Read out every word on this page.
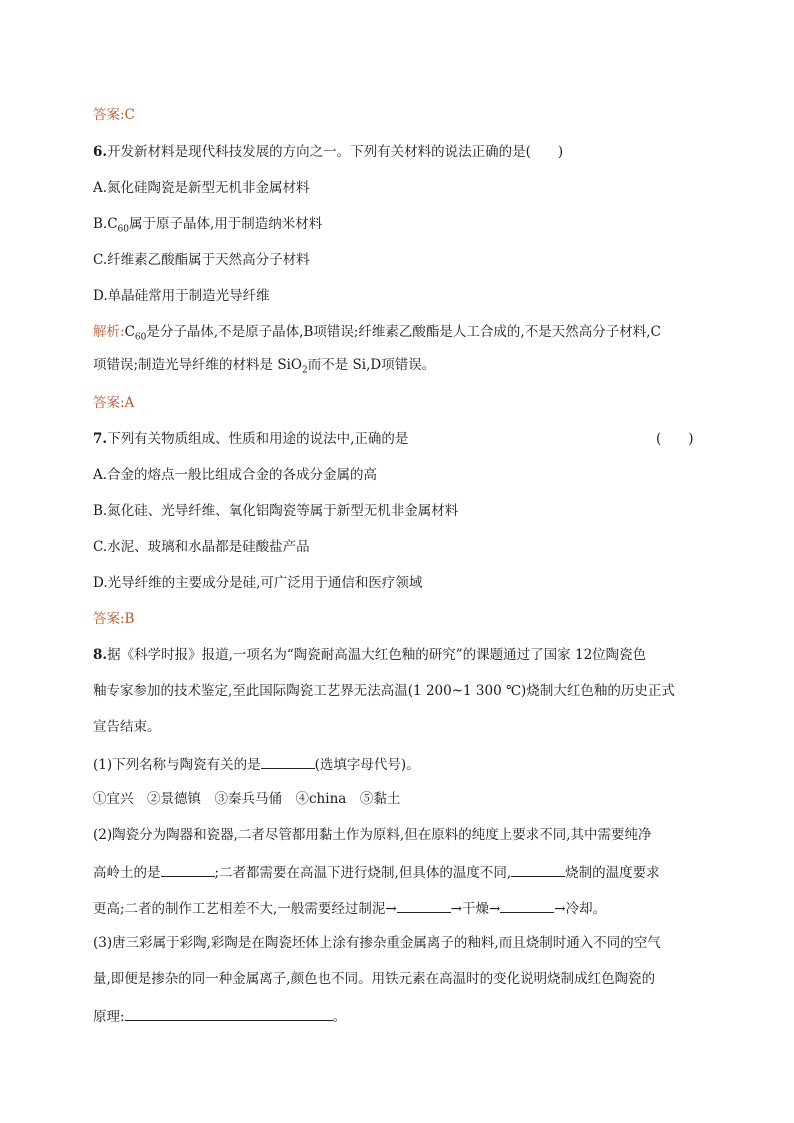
答案:C
6.开发新材料是现代科技发展的方向之一。下列有关材料的说法正确的是(　　)
A.氮化硅陶瓷是新型无机非金属材料
$B.C_{60}$属于原子晶体,用于制造纳米材料
C.纤维素乙酸酯属于天然高分子材料
D.单晶硅常用于制造光导纤维
解析$:C_{60}$是分子晶体,不是原子晶体,B项错误;纤维素乙酸酯是人工合成的,不是天然高分子材料,C
项错误;制造光导纤维的材料是 SiO$_2$而不是 Si,D项错误。
答案:A
7.下列有关物质组成、性质和用途的说法中,正确的是	(　　)
A.合金的熔点一般比组成合金的各成分金属的高
B.氮化硅、光导纤维、氧化铝陶瓷等属于新型无机非金属材料
C.水泥、玻璃和水晶都是硅酸盐产品
D.光导纤维的主要成分是硅,可广泛用于通信和医疗领域
答案:B
8.据《科学时报》报道,一项名为“陶瓷耐高温大红色釉的研究”的课题通过了国家 12位陶瓷色
釉专家参加的技术鉴定,至此国际陶瓷工艺界无法高温(1 200~1 300 ℃)烧制大红色釉的历史正式
宣告结束。
(1)下列名称与陶瓷有关的是	(选填字母代号)。
①宜兴　②景德镇　③秦兵马俑　④china　⑤黏土
(2)陶瓷分为陶器和瓷器,二者尽管都用黏土作为原料,但在原料的纯度上要求不同,其中需要纯净
高岭土的是	;二者都需要在高温下进行烧制,但具体的温度不同,	烧制的温度要求
更高;二者的制作工艺相差不大,一般需要经过制泥→	→干燥→	→冷却。
(3)唐三彩属于彩陶,彩陶是在陶瓷坯体上涂有掺杂重金属离子的釉料,而且烧制时通入不同的空气
量,即便是掺杂的同一种金属离子,颜色也不同。用铁元素在高温时的变化说明烧制成红色陶瓷的
原理:	。
